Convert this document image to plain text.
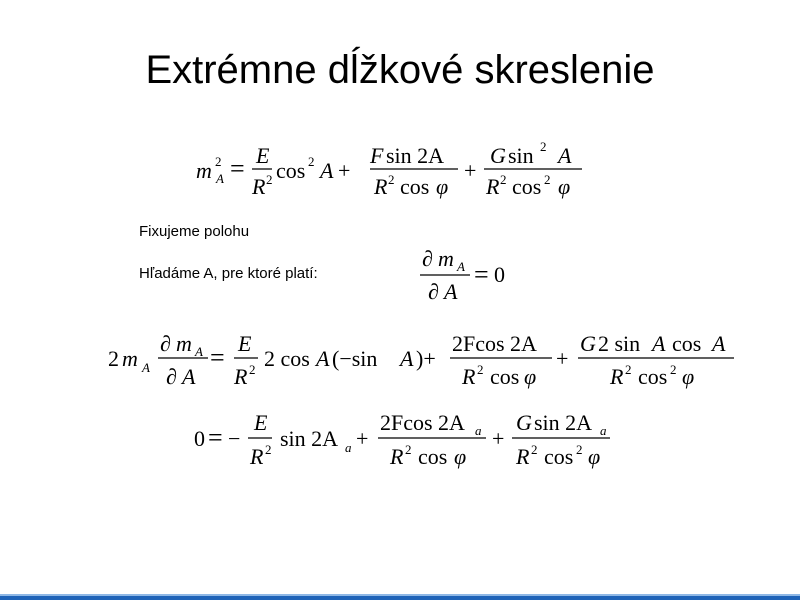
Extrémne dĺžkové skreslenie
m 2
A = E
R 2 cos 2 A +
F sin 2A
R 2 cos φ
+
G sin 2 A
R 2 cos 2 φ
Fixujeme polohu
Hľadáme A, pre ktoré platí:
∂ m A
∂ A
= 0
2 m A
∂ m A
∂ A
= E
R 2 2 cos A (−sin A )+
2Fcos 2A
R 2 cos φ
+
G 2 sin A cos A
R 2 cos 2 φ
0 = −
E
R 2 sin 2A a +
2Fcos 2A a
R 2 cos φ
+
G sin 2A a
R 2 cos 2 φ
